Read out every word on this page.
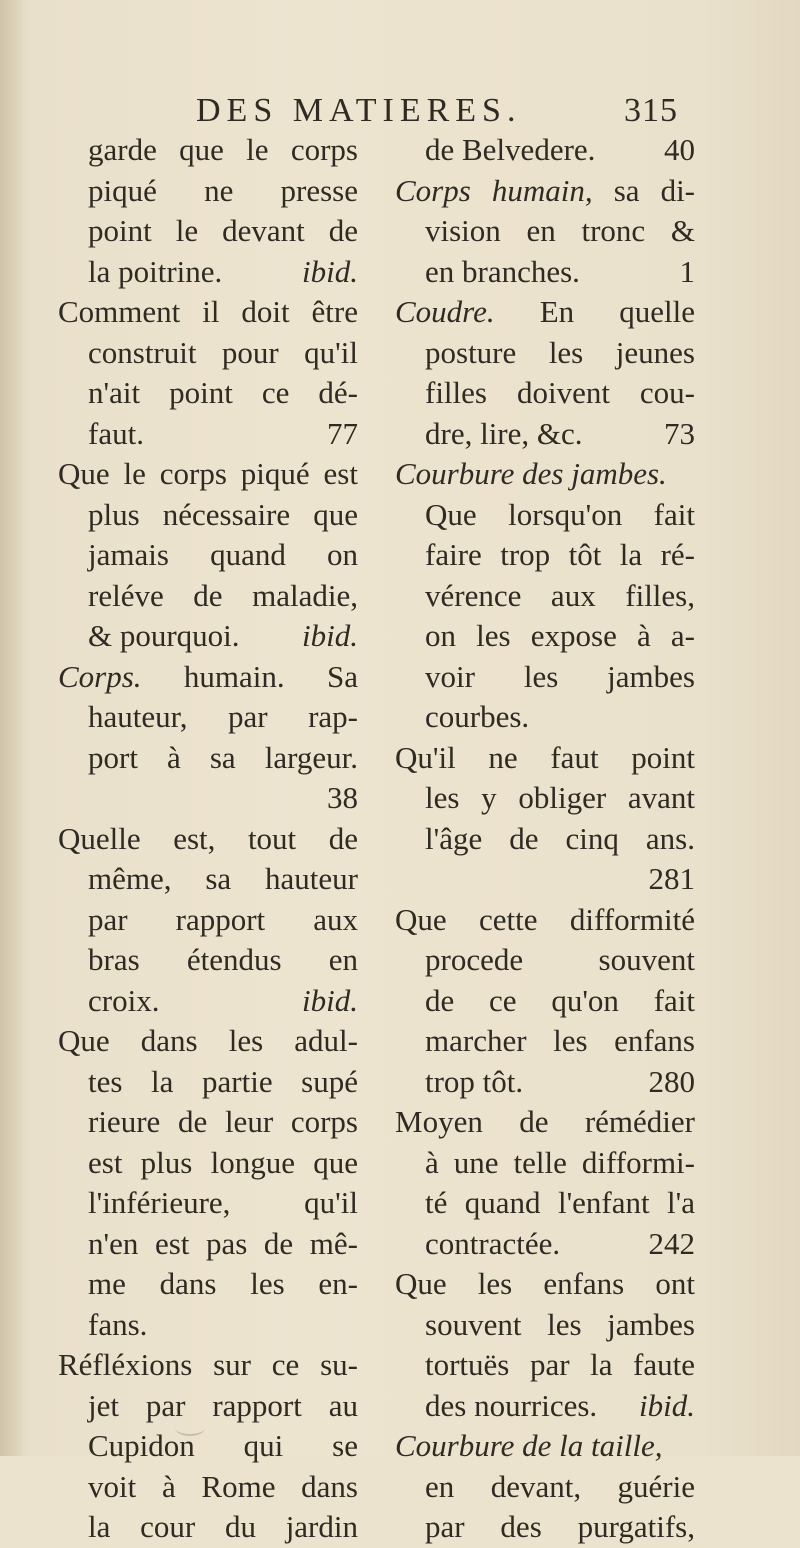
DES MATIERES.	315
garde que le corps
piqué ne presse
point le devant de
ibid.
la poitrine.
Comment il doit être
construit pour qu'il
n'ait point ce dé-
77
faut.
Que le corps piqué est
plus nécessaire que
jamais quand on
reléve de maladie,
ibid.
& pourquoi.
Corps. humain. Sa
hauteur, par rap-
port à sa largeur.
38
Quelle est, tout de
même, sa hauteur
par rapport aux
bras étendus en
ibid.
croix.
Que dans les adul-
tes la partie supé
rieure de leur corps
est plus longue que
l'inférieure, qu'il
n'en est pas de mê-
me dans les en-
fans.
Réfléxions sur ce su-
jet par rapport au
Cupidon qui se
voit à Rome dans
la cour du jardin
40
de Belvedere.
Corps humain, sa di-
vision en tronc &
1
en branches.
Coudre. En quelle
posture les jeunes
filles doivent cou-
73
dre, lire, &c.
Courbure des jambes.
Que lorsqu'on fait
faire trop tôt la ré-
vérence aux filles,
on les expose à a-
voir les jambes
courbes.
Qu'il ne faut point
les y obliger avant
l'âge de cinq ans.
281
Que cette difformité
procede souvent
de ce qu'on fait
marcher les enfans
280
trop tôt.
Moyen de rémédier
à une telle difformi-
té quand l'enfant l'a
242
contractée.
Que les enfans ont
souvent les jambes
tortuës par la faute
ibid.
des nourrices.
Courbure de la taille,
en devant, guérie
par des purgatifs,
